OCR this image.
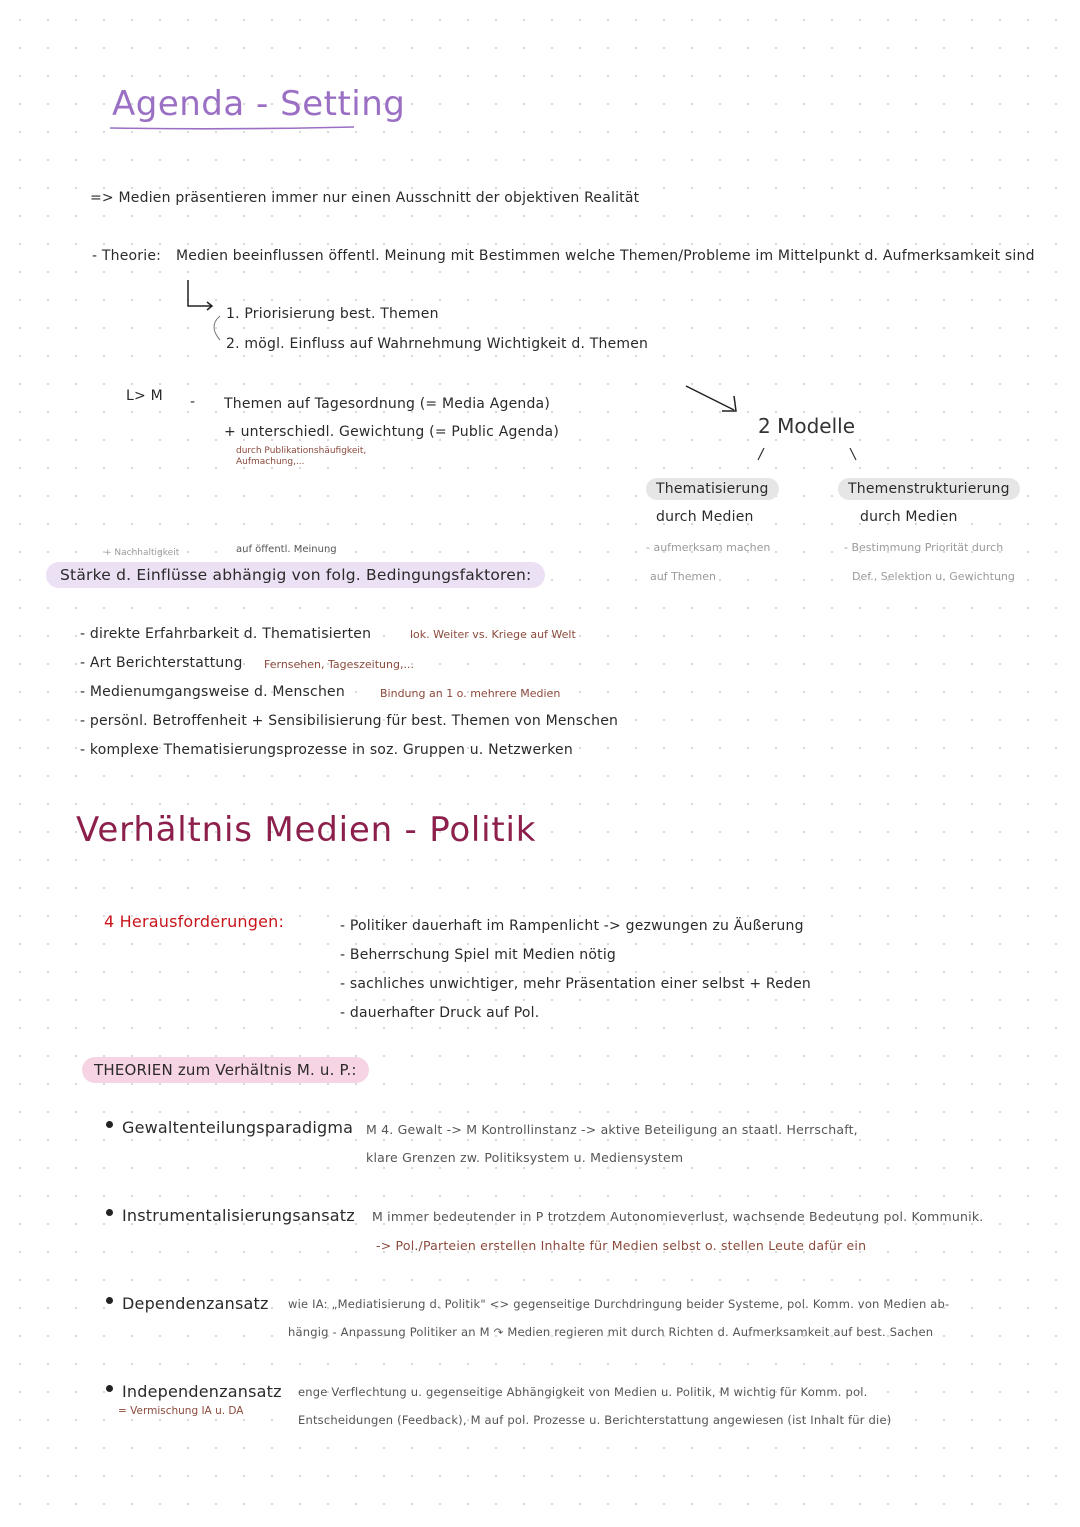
Agenda - Setting
=> Medien präsentieren immer nur einen Ausschnitt der objektiven Realität
- Theorie: Medien beeinflussen öffentl. Meinung mit Bestimmen welche Themen/Probleme im Mittelpunkt d. Aufmerksamkeit sind
1. Priorisierung best. Themen
2. mögl. Einfluss auf Wahrnehmung Wichtigkeit d. Themen
L> M - Themen auf Tagesordnung (= Media Agenda)
+ unterschiedl. Gewichtung (= Public Agenda)
durch Publikationshäufigkeit,
Aufmachung,...
2 Modelle
Thematisierung
durch Medien
- aufmerksam machen
auf Themen
Themenstrukturierung
durch Medien
- Bestimmung Priorität durch
Def., Selektion u. Gewichtung
+ Nachhaltigkeit	auf öffentl. Meinung
Stärke d. Einflüsse abhängig von folg. Bedingungsfaktoren:
- direkte Erfahrbarkeit d. Thematisierten	lok. Weiter vs. Kriege auf Welt
- Art Berichterstattung Fernsehen, Tageszeitung,...
- Medienumgangsweise d. Menschen	Bindung an 1 o. mehrere Medien
- persönl. Betroffenheit + Sensibilisierung für best. Themen von Menschen
- komplexe Thematisierungsprozesse in soz. Gruppen u. Netzwerken
Verhältnis Medien - Politik
4 Herausforderungen:	- Politiker dauerhaft im Rampenlicht -> gezwungen zu Äußerung
- Beherrschung Spiel mit Medien nötig
- sachliches unwichtiger, mehr Präsentation einer selbst + Reden
- dauerhafter Druck auf Pol.
THEORIEN zum Verhältnis M. u. P.:
Gewaltenteilungsparadigma M 4. Gewalt -> M Kontrollinstanz -> aktive Beteiligung an staatl. Herrschaft,
klare Grenzen zw. Politiksystem u. Mediensystem
Instrumentalisierungsansatz M immer bedeutender in P trotzdem Autonomieverlust, wachsende Bedeutung pol. Kommunik.
-> Pol./Parteien erstellen Inhalte für Medien selbst o. stellen Leute dafür ein
Dependenzansatz wie IA: „Mediatisierung d. Politik" <> gegenseitige Durchdringung beider Systeme, pol. Komm. von Medien ab-
hängig - Anpassung Politiker an M ↷ Medien regieren mit durch Richten d. Aufmerksamkeit auf best. Sachen
Independenzansatz
= Vermischung IA u. DA
enge Verflechtung u. gegenseitige Abhängigkeit von Medien u. Politik, M wichtig für Komm. pol.
Entscheidungen (Feedback), M auf pol. Prozesse u. Berichterstattung angewiesen (ist Inhalt für die)
